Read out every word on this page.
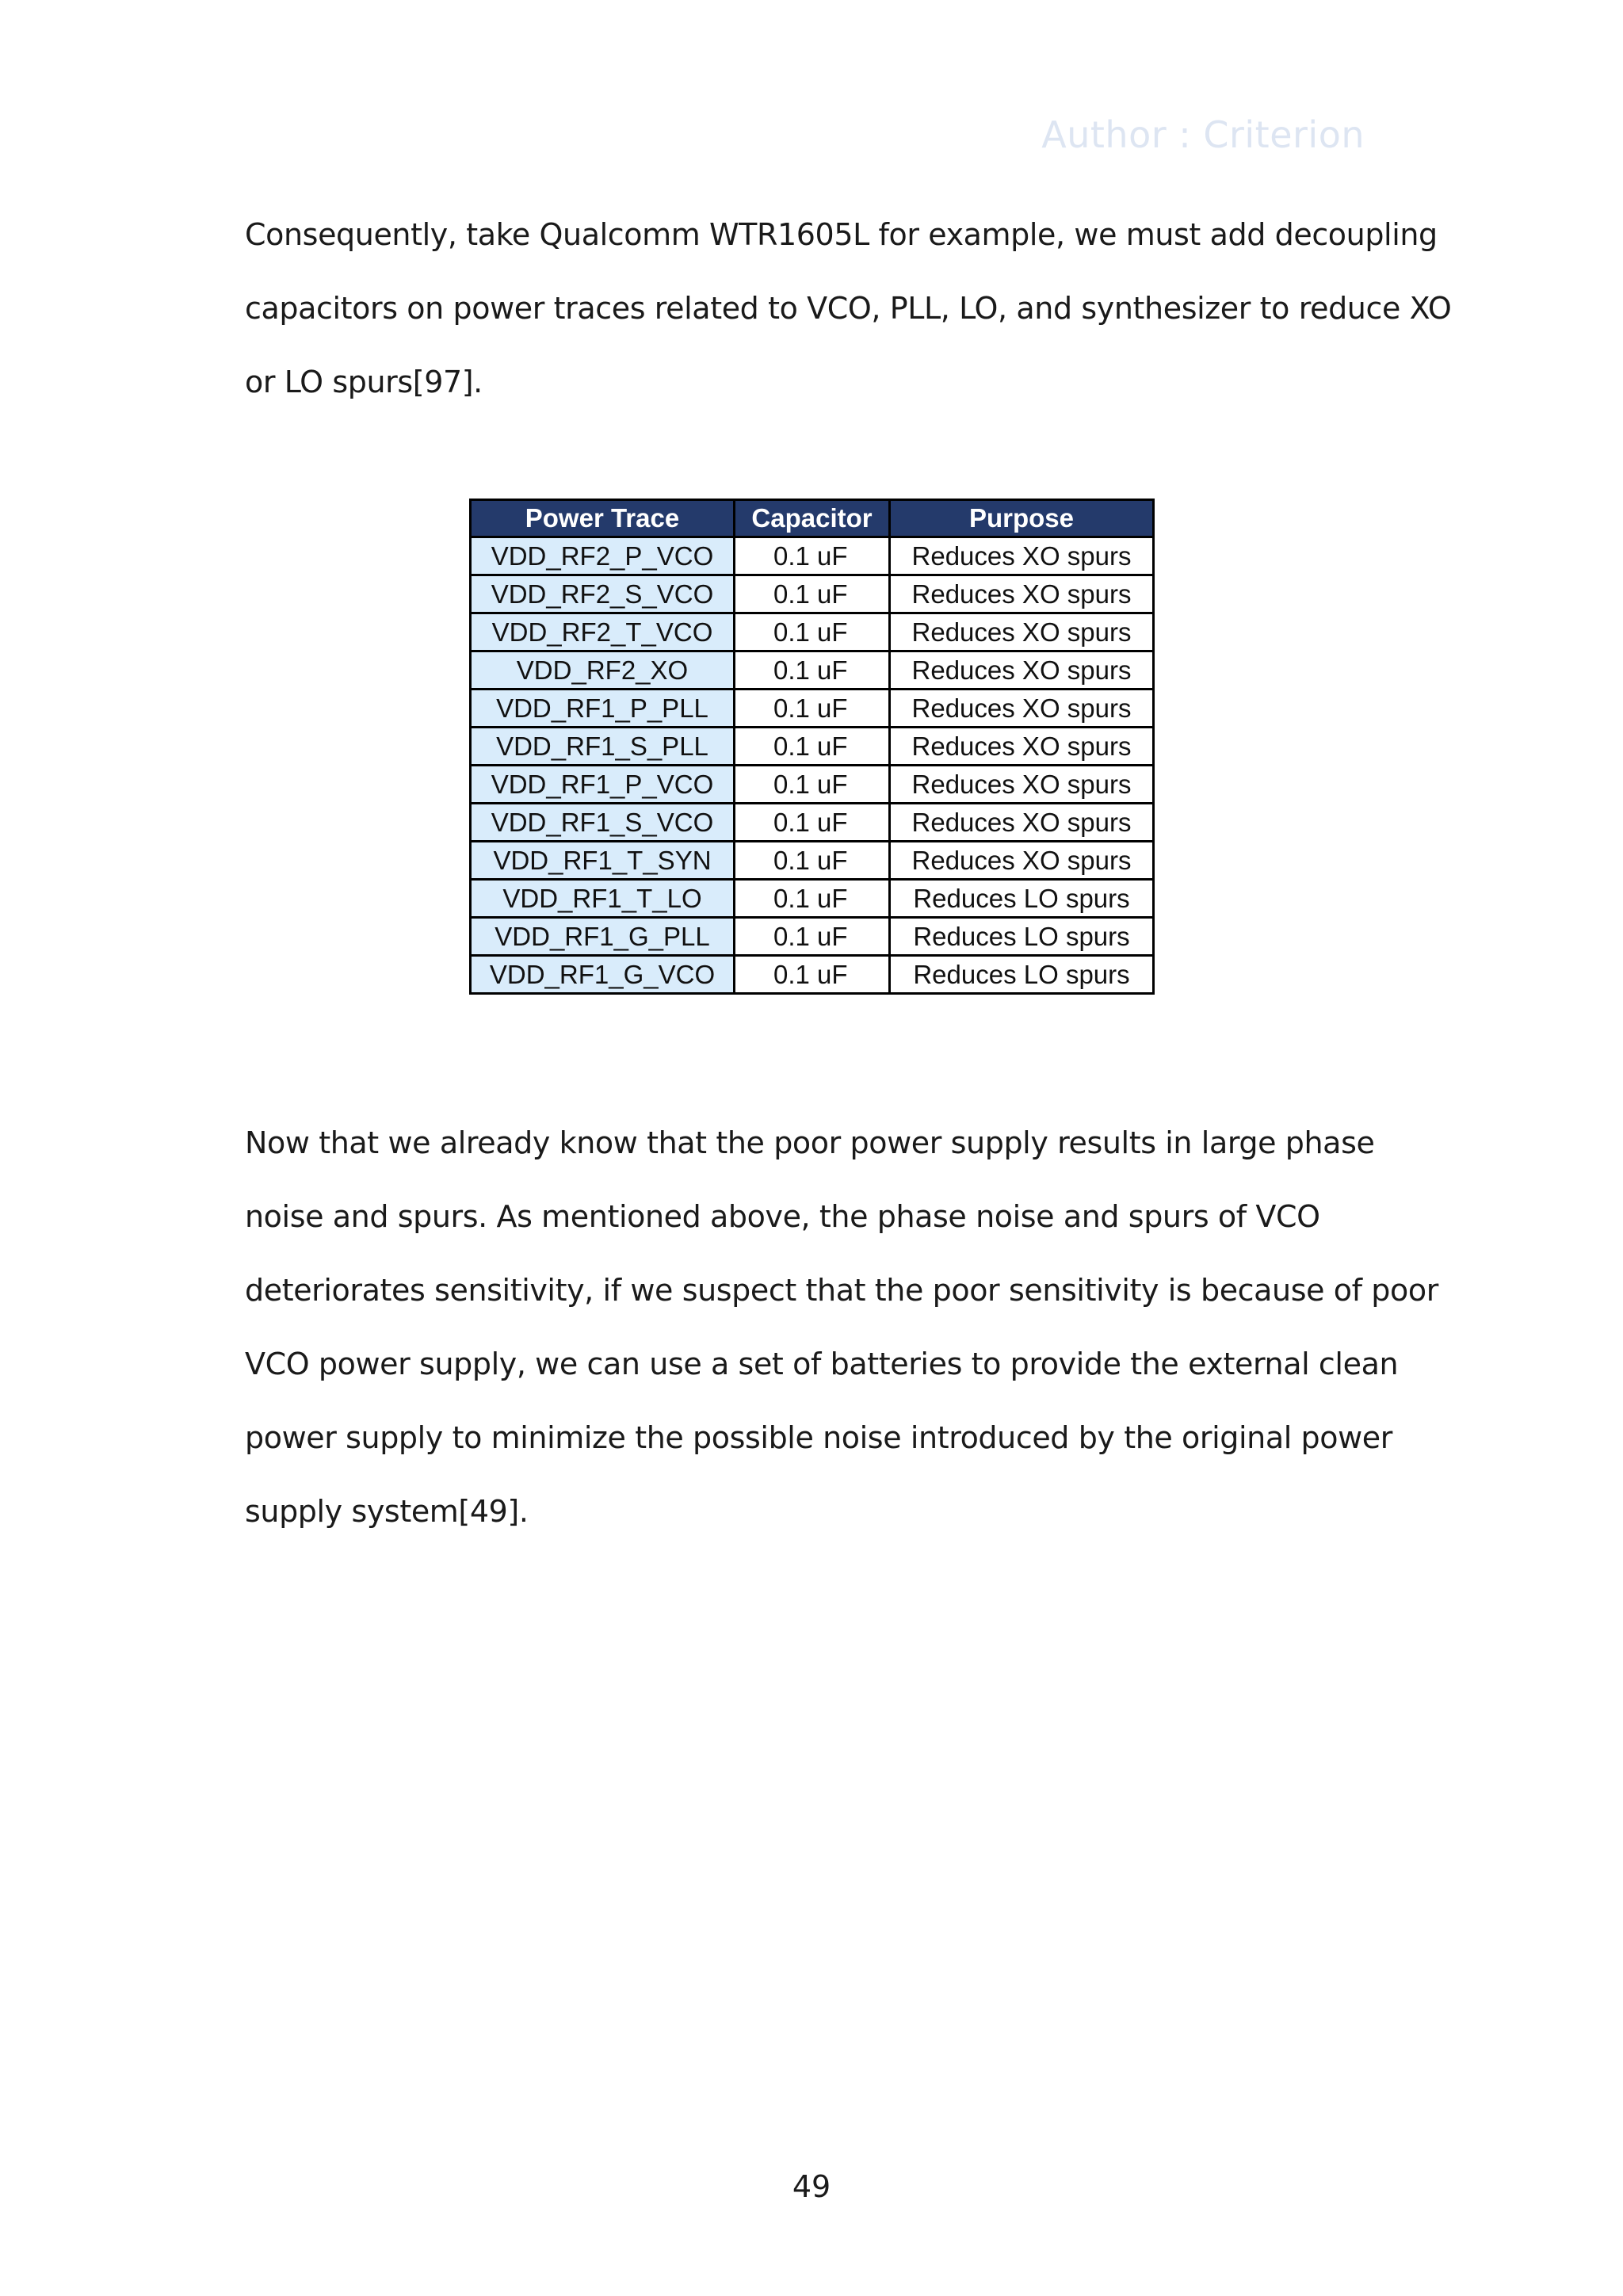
Author : Criterion
Consequently, take Qualcomm WTR1605L for example, we must add decoupling
capacitors on power traces related to VCO, PLL, LO, and synthesizer to reduce XO
or LO spurs[97].
Power Trace	Capacitor	Purpose
VDD_RF2_P_VCO	0.1 uF	Reduces XO spurs
VDD_RF2_S_VCO	0.1 uF	Reduces XO spurs
VDD_RF2_T_VCO	0.1 uF	Reduces XO spurs
VDD_RF2_XO	0.1 uF	Reduces XO spurs
VDD_RF1_P_PLL	0.1 uF	Reduces XO spurs
VDD_RF1_S_PLL	0.1 uF	Reduces XO spurs
VDD_RF1_P_VCO	0.1 uF	Reduces XO spurs
VDD_RF1_S_VCO	0.1 uF	Reduces XO spurs
VDD_RF1_T_SYN	0.1 uF	Reduces XO spurs
VDD_RF1_T_LO	0.1 uF	Reduces LO spurs
VDD_RF1_G_PLL	0.1 uF	Reduces LO spurs
VDD_RF1_G_VCO	0.1 uF	Reduces LO spurs
Now that we already know that the poor power supply results in large phase
noise and spurs. As mentioned above, the phase noise and spurs of VCO
deteriorates sensitivity, if we suspect that the poor sensitivity is because of poor
VCO power supply, we can use a set of batteries to provide the external clean
power supply to minimize the possible noise introduced by the original power
supply system[49].
49
